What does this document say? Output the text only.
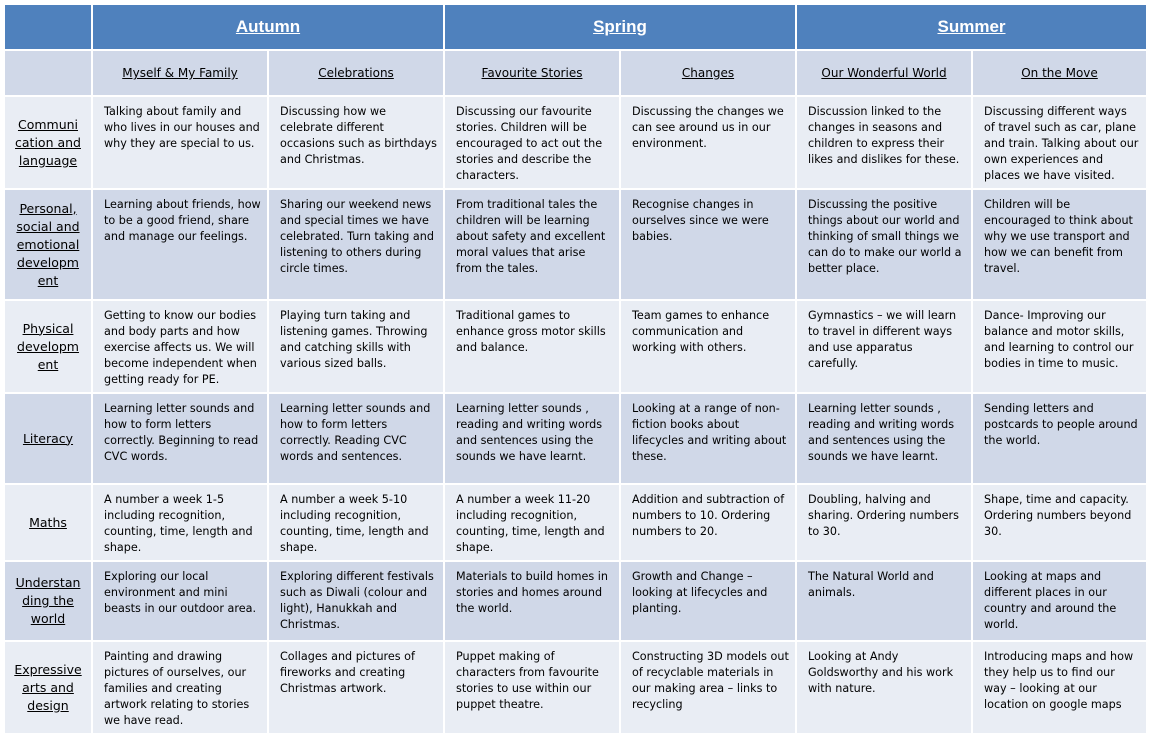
	Autumn		Spring		Summer	
	Myself & My Family	Celebrations	Favourite Stories	Changes	Our Wonderful World	On the Move
Communi cation and language	Talking about family and who lives in our houses and why they are special to us.	Discussing how we celebrate different occasions such as birthdays and Christmas.	Discussing our favourite stories. Children will be encouraged to act out the stories and describe the characters.	Discussing the changes we can see around us in our environment.	Discussion linked to the changes in seasons and children to express their likes and dislikes for these.	Discussing different ways of travel such as car, plane and train. Talking about our own experiences and places we have visited.
Personal, social and emotional developm ent	Learning about friends, how to be a good friend, share and manage our feelings.	Sharing our weekend news and special times we have celebrated. Turn taking and listening to others during circle times.	From traditional tales the children will be learning about safety and excellent moral values that arise from the tales.	Recognise changes in ourselves since we were babies.	Discussing the positive things about our world and thinking of small things we can do to make our world a better place.	Children will be encouraged to think about why we use transport and how we can benefit from travel.
Physical developm ent	Getting to know our bodies and body parts and how exercise affects us. We will become independent when getting ready for PE.	Playing turn taking and listening games. Throwing and catching skills with various sized balls.	Traditional games to enhance gross motor skills and balance.	Team games to enhance communication and working with others.	Gymnastics – we will learn to travel in different ways and use apparatus carefully.	Dance- Improving our balance and motor skills, and learning to control our bodies in time to music.
Literacy	Learning letter sounds and how to form letters correctly. Beginning to read CVC words.	Learning letter sounds and how to form letters correctly. Reading CVC words and sentences.	Learning letter sounds , reading and writing words and sentences using the sounds we have learnt.	Looking at a range of non-fiction books about lifecycles and writing about these.	Learning letter sounds , reading and writing words and sentences using the sounds we have learnt.	Sending letters and postcards to people around the world.
Maths	A number a week 1-5 including recognition, counting, time, length and shape.	A number a week 5-10 including recognition, counting, time, length and shape.	A number a week 11-20 including recognition, counting, time, length and shape.	Addition and subtraction of numbers to 10. Ordering numbers to 20.	Doubling, halving and sharing. Ordering numbers to 30.	Shape, time and capacity. Ordering numbers beyond 30.
Understan ding the world	Exploring our local environment and mini beasts in our outdoor area.	Exploring different festivals such as Diwali (colour and light), Hanukkah and Christmas.	Materials to build homes in stories and homes around the world.	Growth and Change – looking at lifecycles and planting.	The Natural World and animals.	Looking at maps and different places in our country and around the world.
Expressive arts and design	Painting and drawing pictures of ourselves, our families and creating artwork relating to stories we have read.	Collages and pictures of fireworks and creating Christmas artwork.	Puppet making of characters from favourite stories to use within our puppet theatre.	Constructing 3D models out of recyclable materials in our making area – links to recycling	Looking at Andy Goldsworthy and his work with nature.	Introducing maps and how they help us to find our way – looking at our location on google maps
